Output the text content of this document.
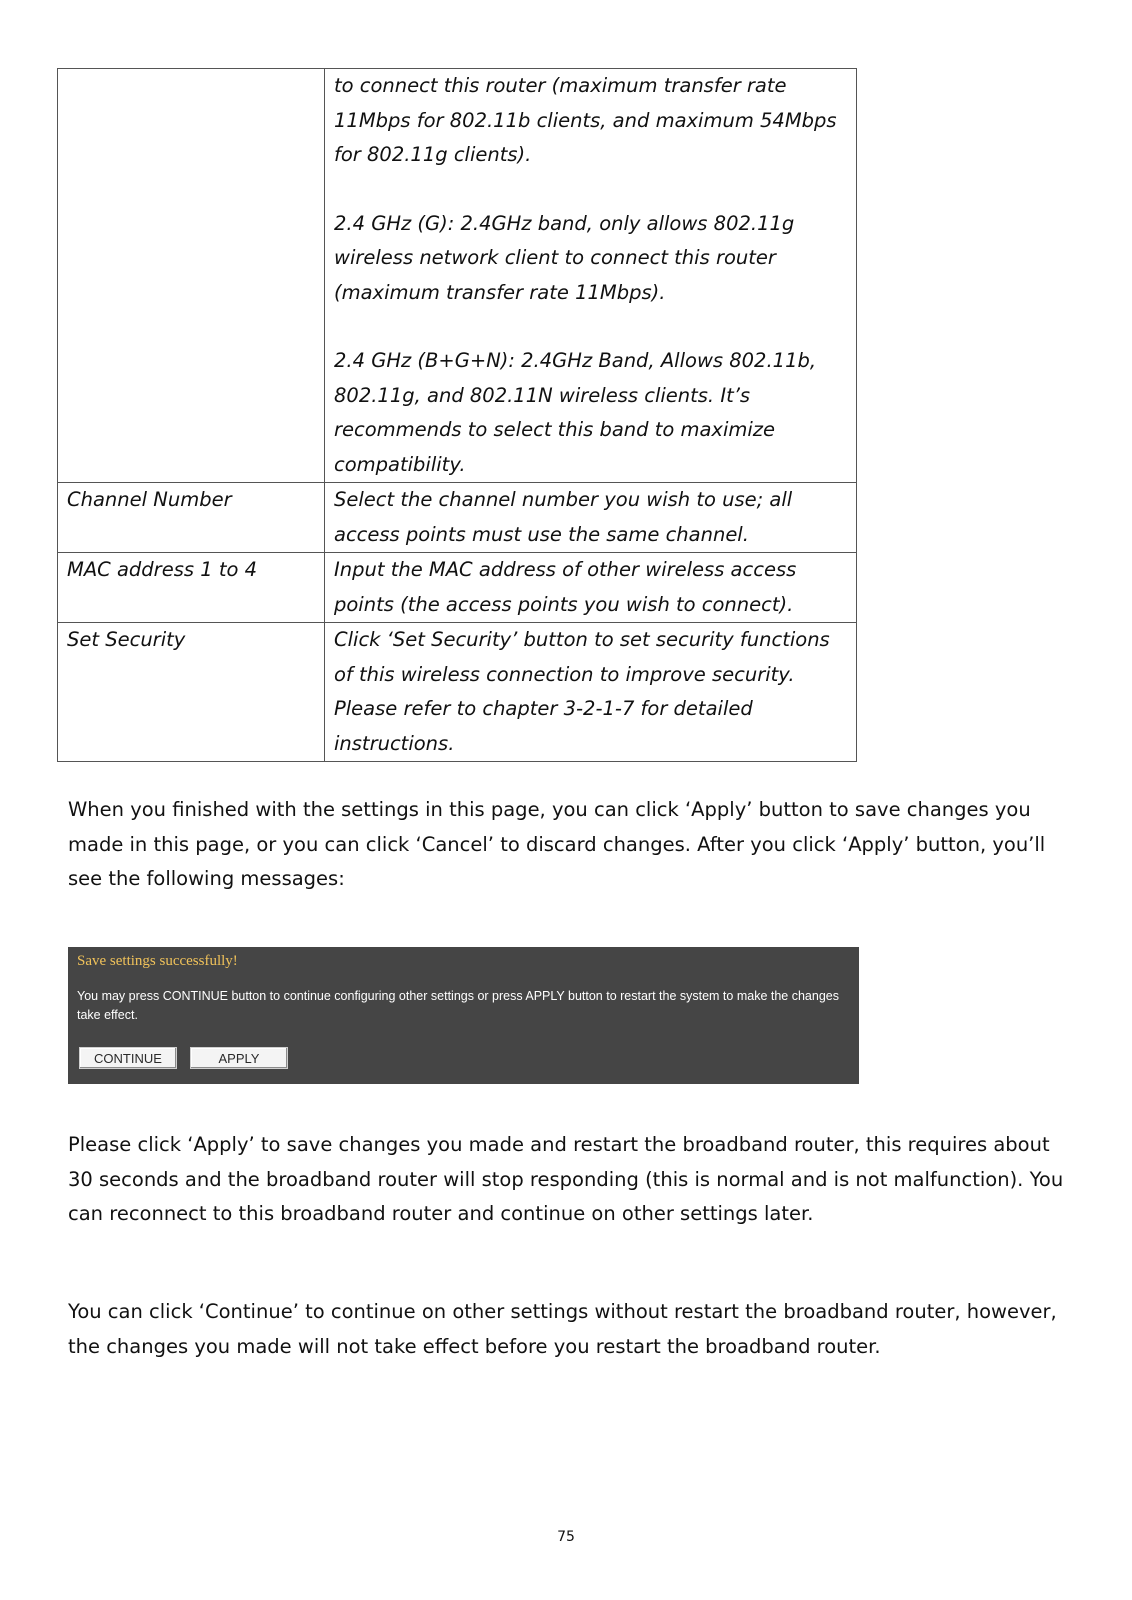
	to connect this router (maximum transfer rate 11Mbps for 802.11b clients, and maximum 54Mbps for 802.11g clients).

2.4 GHz (G): 2.4GHz band, only allows 802.11g wireless network client to connect this router (maximum transfer rate 11Mbps).

2.4 GHz (B+G+N): 2.4GHz Band, Allows 802.11b, 802.11g, and 802.11N wireless clients. It’s recommends to select this band to maximize compatibility.

Channel Number	Select the channel number you wish to use; all access points must use the same channel.
MAC address 1 to 4	Input the MAC address of other wireless access points (the access points you wish to connect).
Set Security	Click ‘Set Security’ button to set security functions of this wireless connection to improve security. Please refer to chapter 3-2-1-7 for detailed instructions.

When you finished with the settings in this page, you can click ‘Apply’ button to save changes you made in this page, or you can click ‘Cancel’ to discard changes. After you click ‘Apply’ button, you’ll see the following messages:

Save settings successfully!
You may press CONTINUE button to continue configuring other settings or press APPLY button to restart the system to make the changes take effect.
CONTINUE	APPLY

Please click ‘Apply’ to save changes you made and restart the broadband router, this requires about 30 seconds and the broadband router will stop responding (this is normal and is not malfunction). You can reconnect to this broadband router and continue on other settings later.

You can click ‘Continue’ to continue on other settings without restart the broadband router, however, the changes you made will not take effect before you restart the broadband router.

75
